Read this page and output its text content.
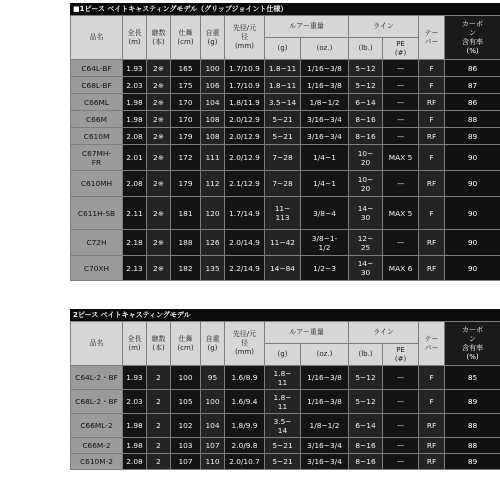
■1ピース ベイトキャスティングモデル（グリップジョイント仕様）
品名	全長
(m)	継数
(本)	仕舞
(cm)	自重
(g)	先径/元
径
(mm)	ルアー重量		ライン		テー
パー	カーボ
ン
含有率
(%)
						(g)	(oz.)	(lb.)	PE
(#)		
C64L-BF	1.93	2※	165	100	1.7/10.9	1.8~11	1/16~3/8	5~12	—	F	86
C68L-BF	2.03	2※	175	106	1.7/10.9	1.8~11	1/16~3/8	5~12	—	F	87
C66ML	1.98	2※	170	104	1.8/11.9	3.5~14	1/8~1/2	6~14	—	RF	86
C66M	1.98	2※	170	108	2.0/12.9	5~21	3/16~3/4	8~16	—	F	88
C610M	2.08	2※	179	108	2.0/12.9	5~21	3/16~3/4	8~16	—	RF	89
C67MH-
FR	2.01	2※	172	111	2.0/12.9	7~28	1/4~1	10~
20	MAX 5	F	90
C610MH	2.08	2※	179	112	2.1/12.9	7~28	1/4~1	10~
20	—	RF	90
C611H-SB	2.11	2※	181	120	1.7/14.9	11~
113	3/8~4	14~
30	MAX 5	F	90
C72H	2.18	2※	188	126	2.0/14.9	11~42	3/8~1-
1/2	12~
25	—	RF	90
C70XH	2.13	2※	182	135	2.2/14.9	14~84	1/2~3	14~
30	MAX 6	RF	90
2ピース ベイトキャスティングモデル
品名	全長
(m)	継数
(本)	仕舞
(cm)	自重
(g)	先径/元
径
(mm)	ルアー重量		ライン		テー
パー	カーボ
ン
含有率
(%)
						(g)	(oz.)	(lb.)	PE
(#)		
C64L-2・BF	1.93	2	100	95	1.6/8.9	1.8~
11	1/16~3/8	5~12	—	F	85
C68L-2・BF	2.03	2	105	100	1.6/9.4	1.8~
11	1/16~3/8	5~12	—	F	89
C66ML-2	1.98	2	102	104	1.8/9.9	3.5~
14	1/8~1/2	6~14	—	RF	88
C66M-2	1.98	2	103	107	2.0/9.8	5~21	3/16~3/4	8~16	—	RF	88
C610M-2	2.08	2	107	110	2.0/10.7	5~21	3/16~3/4	8~16	—	RF	89
